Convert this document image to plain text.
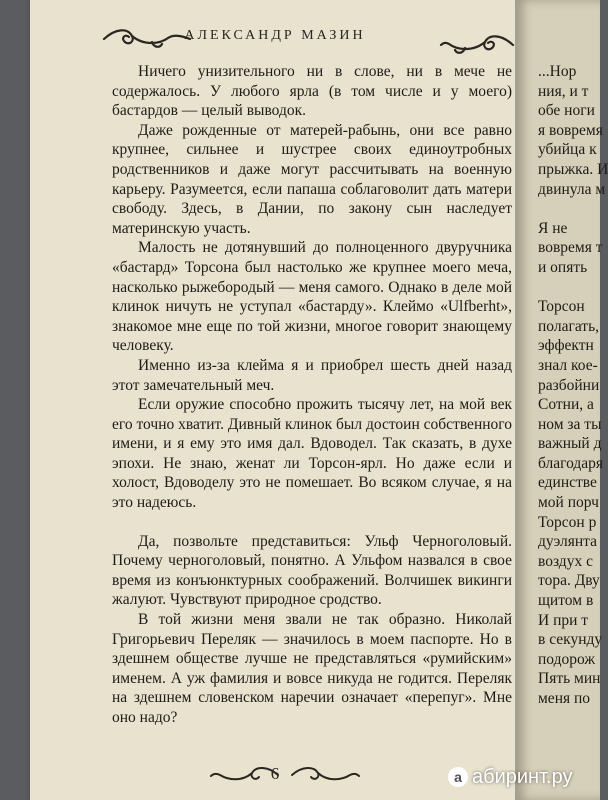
АЛЕКСАНДР МАЗИН

Ничего унизительного ни в слове, ни в мече не содержалось. У любого ярла (в том числе и у моего) бастардов — целый выводок.

Даже рожденные от матерей-рабынь, они все равно крупнее, сильнее и шустрее своих единоутробных родственников и даже могут рассчитывать на военную карьеру. Разумеется, если папаша соблаговолит дать матери свободу. Здесь, в Дании, по закону сын наследует материнскую участь.

Малость не дотянувший до полноценного двуручника «бастард» Торсона был настолько же крупнее моего меча, насколько рыжебородый — меня самого. Однако в деле мой клинок ничуть не уступал «бастарду». Клеймо «Ulfberht», знакомое мне еще по той жизни, многое говорит знающему человеку.

Именно из-за клейма я и приобрел шесть дней назад этот замечательный меч.

Если оружие способно прожить тысячу лет, на мой век его точно хватит. Дивный клинок был достоин собственного имени, и я ему это имя дал. Вдоводел. Так сказать, в духе эпохи. Не знаю, женат ли Торсон-ярл. Но даже если и холост, Вдоводелу это не помешает. Во всяком случае, я на это надеюсь.

Да, позвольте представиться: Ульф Черноголовый. Почему черноголовый, понятно. А Ульфом назвался в свое время из конъюнктурных соображений. Волчишек викинги жалуют. Чувствуют природное сродство.

В той жизни меня звали не так образно. Николай Григорьевич Переляк — значилось в моем паспорте. Но в здешнем обществе лучше не представляться «румийским» именем. А уж фамилия и вовсе никуда не годится. Переляк на здешнем словенском наречии означает «перепуг». Мне оно надо?

6
...Нор
ния, и т
обе ноги
я вовремя
убийца к
прыжка. И
двинула м
Я не
вовремя т
и опять
Торсон
полагать,
эффектн
знал кое-
разбойни
Сотни, а
ном за ты
важный д
благодаря
единстве
мой порч
Торсон р
дуэлянта
воздух с
тора. Дву
щитом в
И при т
в секунду
подорож
Пять мин
меня по
a абиринт.ру
